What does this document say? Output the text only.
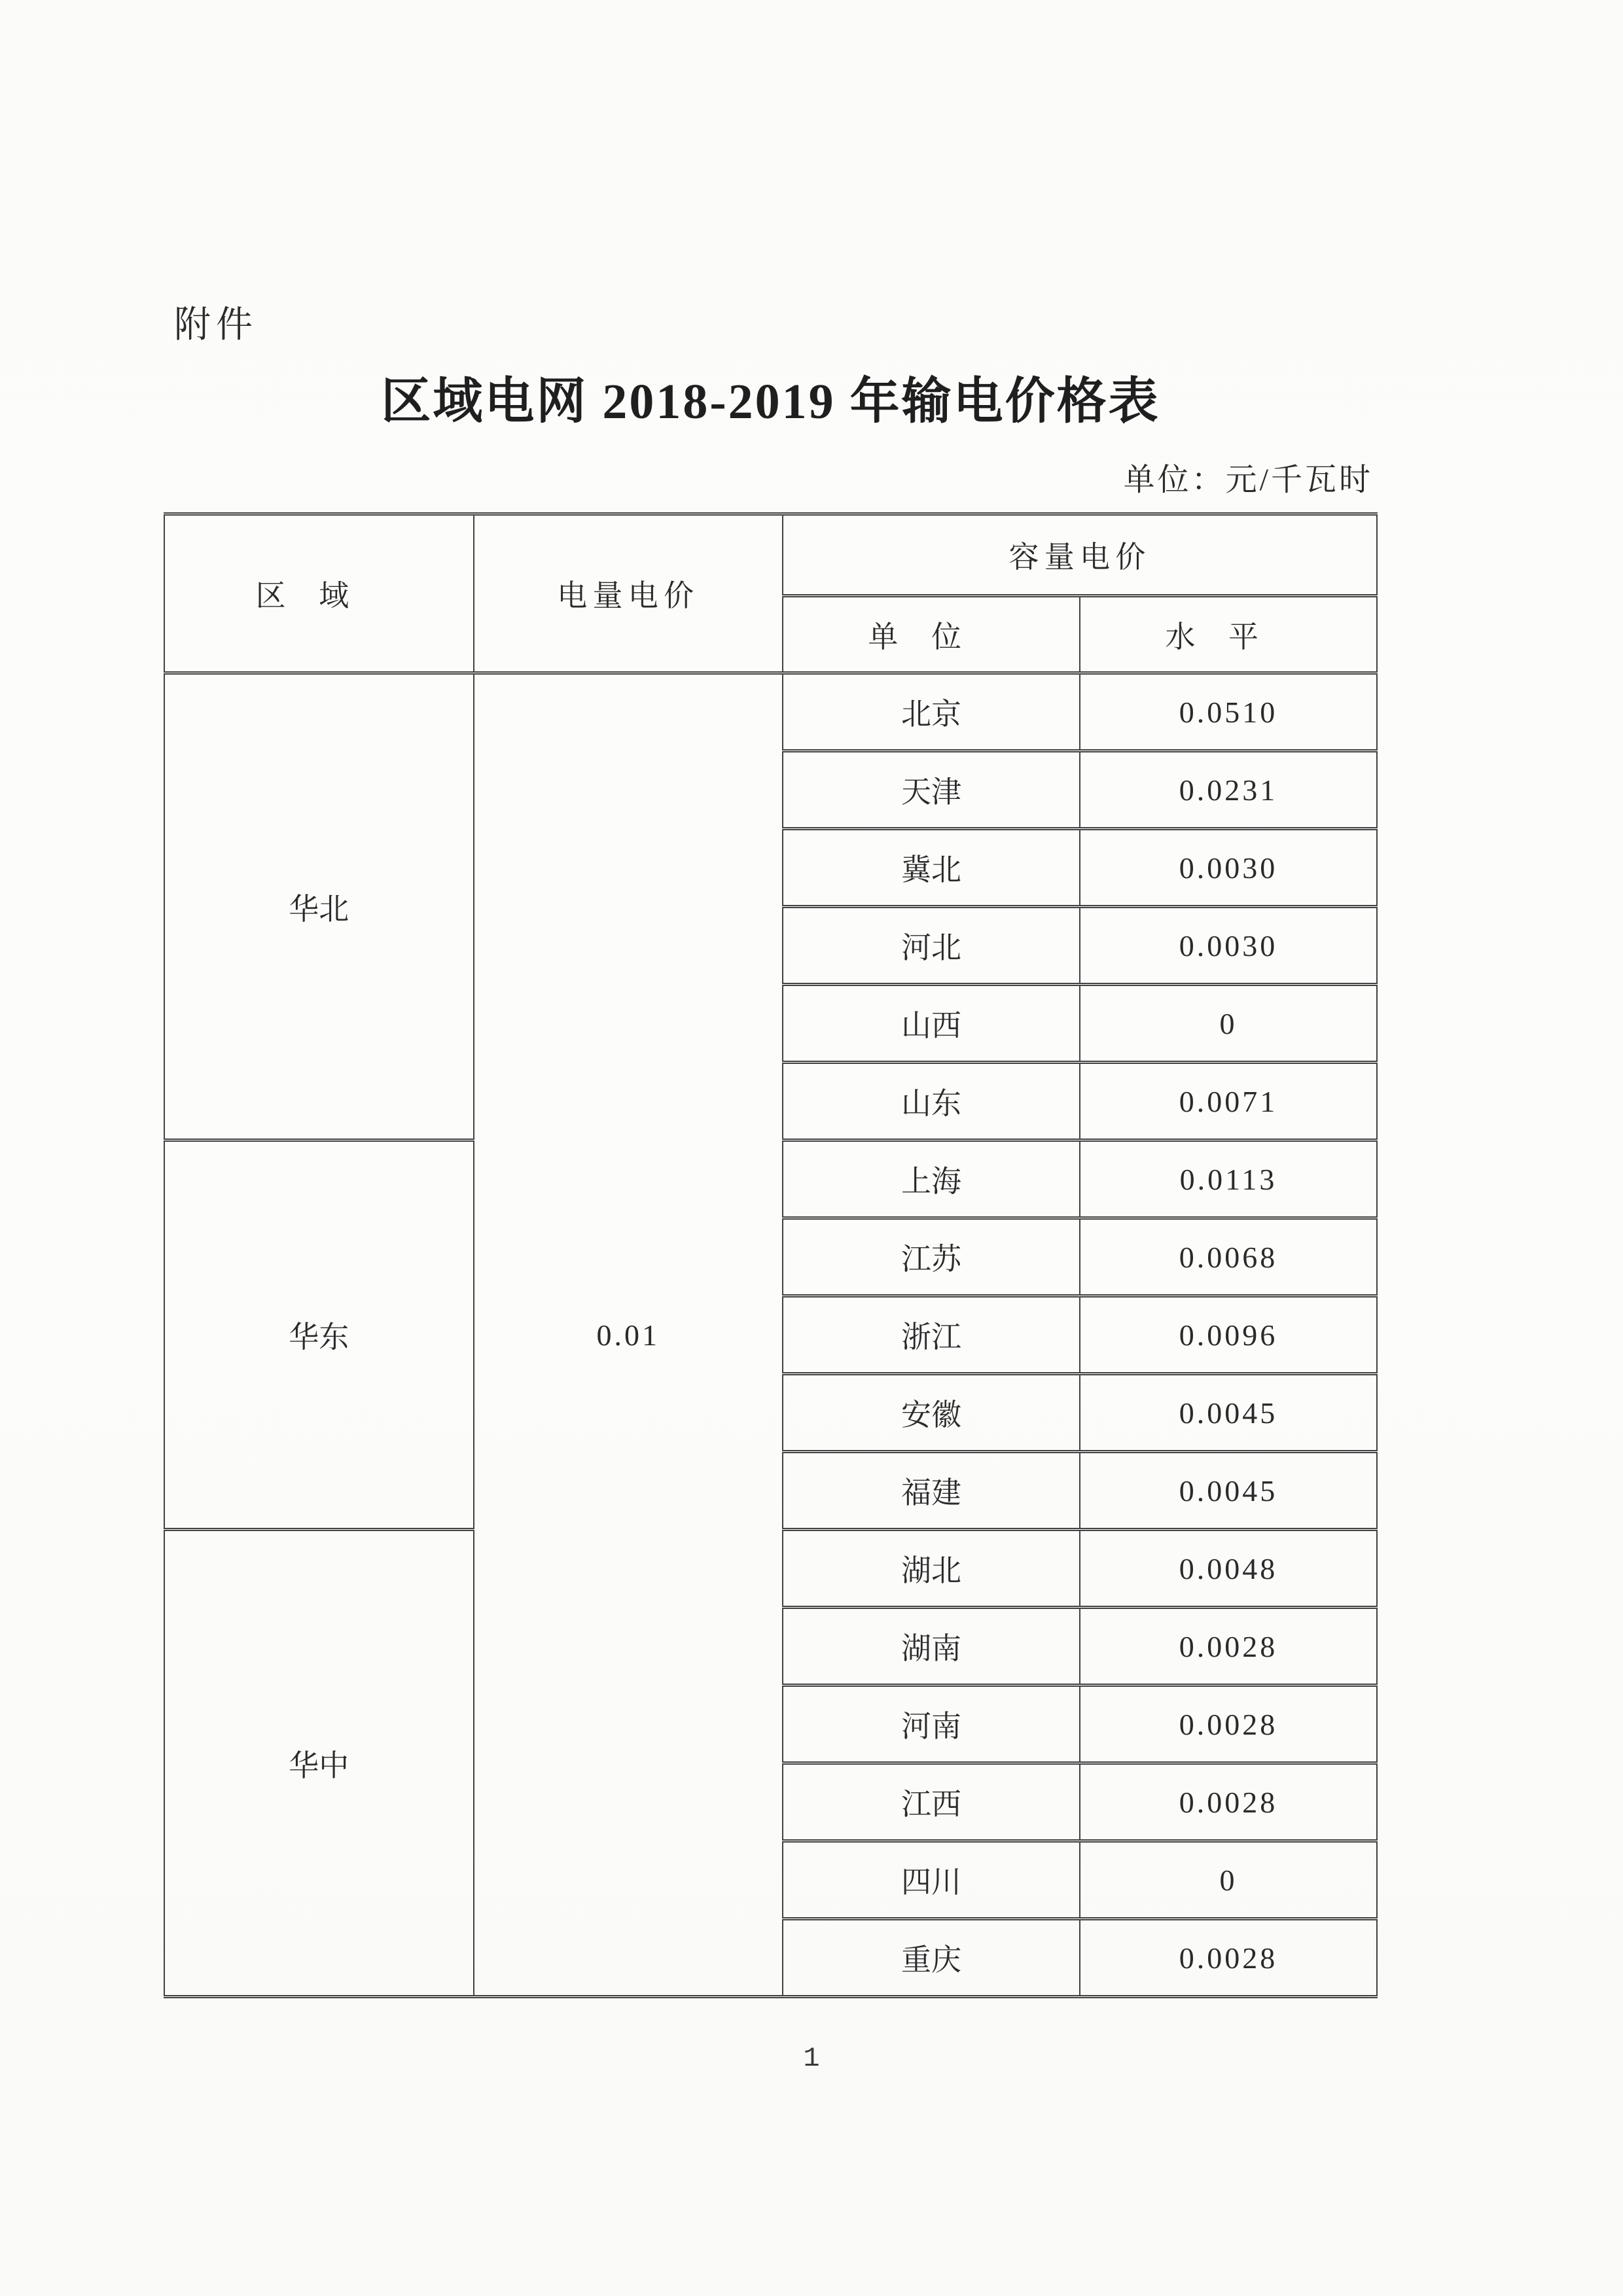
附件
区域电网 2018-2019 年输电价格表
单位：元/千瓦时
区域	电量电价	容量电价	
		单位	水平
华北	0.01	北京	0.0510
		天津	0.0231
		冀北	0.0030
		河北	0.0030
		山西	0
		山东	0.0071
华东		上海	0.0113
		江苏	0.0068
		浙江	0.0096
		安徽	0.0045
		福建	0.0045
华中		湖北	0.0048
		湖南	0.0028
		河南	0.0028
		江西	0.0028
		四川	0
		重庆	0.0028
1
